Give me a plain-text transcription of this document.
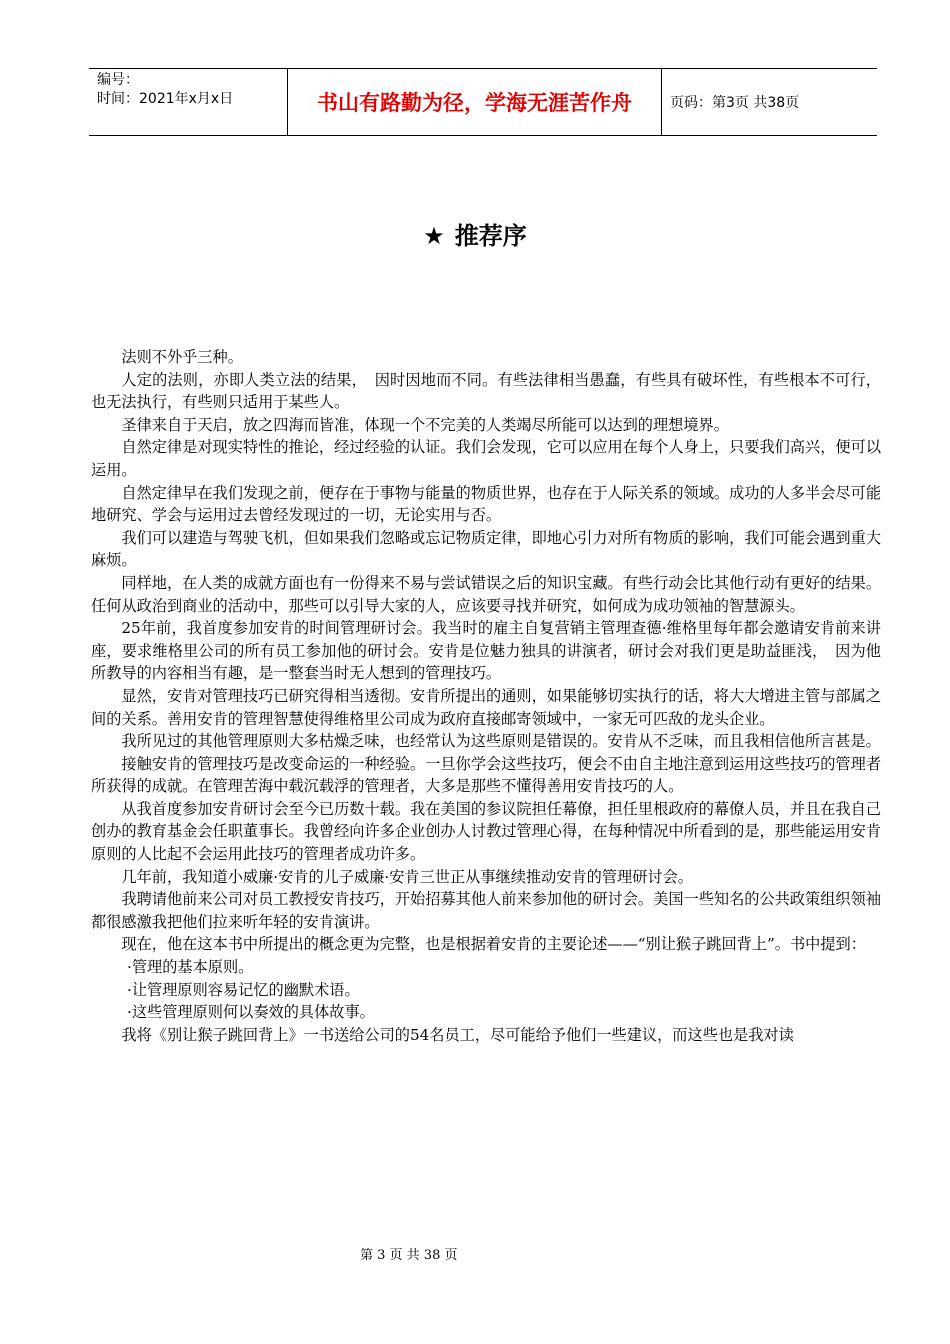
编号：
时间：2021年x月x日	书山有路勤为径，学海无涯苦作舟	页码：第3页 共38页
★ 推荐序

法则不外乎三种。

人定的法则，亦即人类立法的结果，　因时因地而不同。有些法律相当愚蠢，有些具有破坏性，有些根本不可行，也无法执行，有些则只适用于某些人。

圣律来自于天启，放之四海而皆准，体现一个不完美的人类竭尽所能可以达到的理想境界。

自然定律是对现实特性的推论，经过经验的认证。我们会发现，它可以应用在每个人身上，只要我们高兴，便可以运用。

自然定律早在我们发现之前，便存在于事物与能量的物质世界，也存在于人际关系的领域。成功的人多半会尽可能地研究、学会与运用过去曾经发现过的一切，无论实用与否。

我们可以建造与驾驶飞机，但如果我们忽略或忘记物质定律，即地心引力对所有物质的影响，我们可能会遇到重大麻烦。

同样地，在人类的成就方面也有一份得来不易与尝试错误之后的知识宝藏。有些行动会比其他行动有更好的结果。任何从政治到商业的活动中，那些可以引导大家的人，应该要寻找并研究，如何成为成功领袖的智慧源头。

25年前，我首度参加安肯的时间管理研讨会。我当时的雇主自复营销主管理查德·维格里每年都会邀请安肯前来讲座，要求维格里公司的所有员工参加他的研讨会。安肯是位魅力独具的讲演者，研讨会对我们更是助益匪浅，　因为他所教导的内容相当有趣，是一整套当时无人想到的管理技巧。

显然，安肯对管理技巧已研究得相当透彻。安肯所提出的通则，如果能够切实执行的话，将大大增进主管与部属之间的关系。善用安肯的管理智慧使得维格里公司成为政府直接邮寄领域中，一家无可匹敌的龙头企业。

我所见过的其他管理原则大多枯燥乏味，也经常认为这些原则是错误的。安肯从不乏味，而且我相信他所言甚是。

接触安肯的管理技巧是改变命运的一种经验。一旦你学会这些技巧，便会不由自主地注意到运用这些技巧的管理者所获得的成就。在管理苦海中载沉载浮的管理者，大多是那些不懂得善用安肯技巧的人。

从我首度参加安肯研讨会至今已历数十载。我在美国的参议院担任幕僚，担任里根政府的幕僚人员，并且在我自己创办的教育基金会任职董事长。我曾经向许多企业创办人讨教过管理心得，在每种情况中所看到的是，那些能运用安肯原则的人比起不会运用此技巧的管理者成功许多。

几年前，我知道小威廉·安肯的儿子威廉·安肯三世正从事继续推动安肯的管理研讨会。

我聘请他前来公司对员工教授安肯技巧，开始招募其他人前来参加他的研讨会。美国一些知名的公共政策组织领袖都很感激我把他们拉来听年轻的安肯演讲。

现在，他在这本书中所提出的概念更为完整，也是根据着安肯的主要论述——“别让猴子跳回背上”。书中提到：

·管理的基本原则。

·让管理原则容易记忆的幽默术语。

·这些管理原则何以奏效的具体故事。

我将《别让猴子跳回背上》一书送给公司的54名员工，尽可能给予他们一些建议，而这些也是我对读

第 3 页 共 38 页
